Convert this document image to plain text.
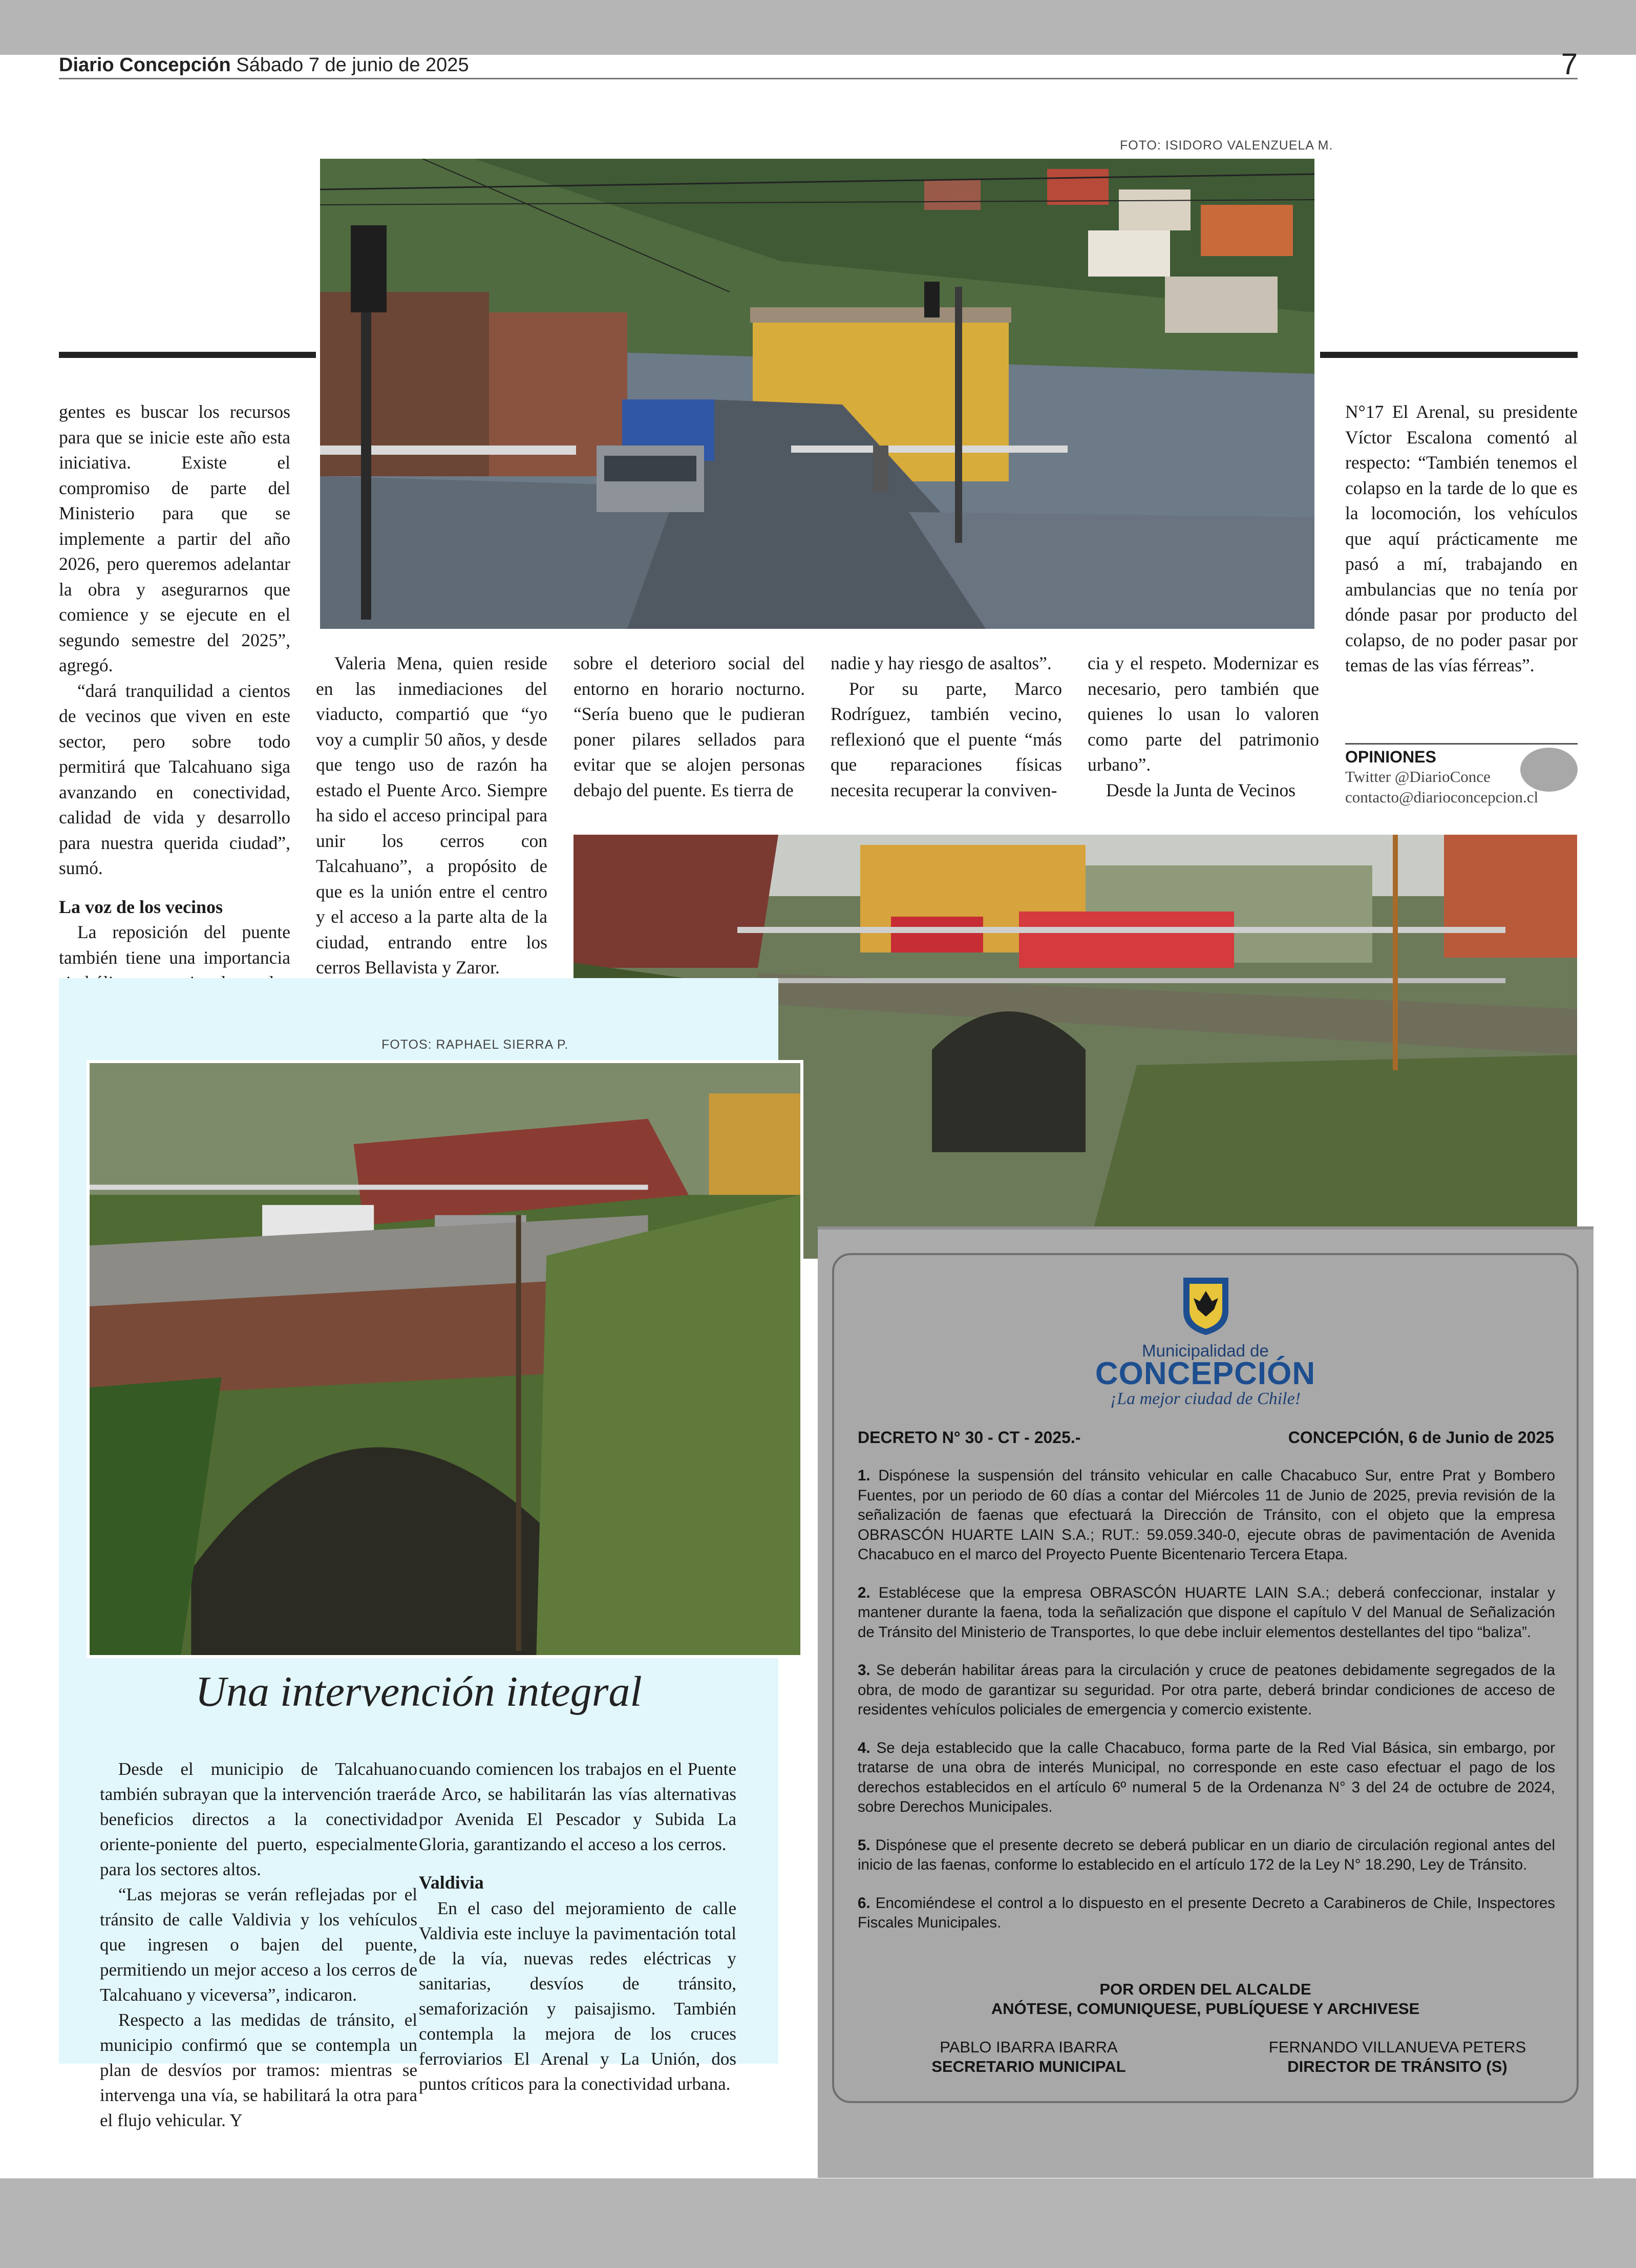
Diario Concepción Sábado 7 de junio de 2025	7
FOTO: ISIDORO VALENZUELA M.

gentes es buscar los recursos para que se inicie este año esta iniciativa. Existe el compromiso de parte del Ministerio para que se implemente a partir del año 2026, pero queremos adelantar la obra y asegurarnos que comience y se ejecute en el segundo semestre del 2025”, agregó.

“dará tranquilidad a cientos de vecinos que viven en este sector, pero sobre todo permitirá que Talcahuano siga avanzando en conectividad, calidad de vida y desarrollo para nuestra querida ciudad”, sumó.

La voz de los vecinos

La reposición del puente también tiene una importancia

Valeria Mena, quien reside en las inmediaciones del viaducto, compartió que “yo voy a cumplir 50 años, y desde que tengo uso de razón ha estado el Puente Arco. Siempre ha sido el acceso principal para unir los cerros con Talcahuano”, a propósito de que es la unión entre el centro y el acceso a la parte alta de la ciudad, entrando entre los cerros Bellavista y Zaror.

sobre el deterioro social del entorno en horario nocturno. “Sería bueno que le pudieran poner pilares sellados para evitar que se alojen personas debajo del puente. Es tierra de

nadie y hay riesgo de asaltos”.

Por su parte, Marco Rodríguez, también vecino, reflexionó que el puente “más que reparaciones físicas necesita recuperar la conviven-

cia y el respeto. Modernizar es necesario, pero también que quienes lo usan lo valoren como parte del patrimonio urbano”.

Desde la Junta de Vecinos

N°17 El Arenal, su presidente Víctor Escalona comentó al respecto: “También tenemos el colapso en la tarde de lo que es la locomoción, los vehículos que aquí prácticamente me pasó a mí, trabajando en ambulancias que no tenía por dónde pasar por producto del colapso, de no poder pasar por temas de las vías férreas”.

OPINIONES
Twitter @DiarioConce
contacto@diarioconcepcion.cl
FOTOS: RAPHAEL SIERRA P.
Una intervención integral

Desde el municipio de Talcahuano también subrayan que la intervención traerá beneficios directos a la conectividad oriente-poniente del puerto, especialmente para los sectores altos.

“Las mejoras se verán reflejadas por el tránsito de calle Valdivia y los vehículos que ingresen o bajen del puente, permitiendo un mejor acceso a los cerros de Talcahuano y viceversa”, indicaron.

Respecto a las medidas de tránsito, el municipio confirmó que se contempla un plan de desvíos por tramos: mientras se intervenga una vía, se habilitará la otra para el flujo vehicular. Y

cuando comiencen los trabajos en el Puente de Arco, se habilitarán las vías alternativas por Avenida El Pescador y Subida La Gloria, garantizando el acceso a los cerros.

Valdivia

En el caso del mejoramiento de calle Valdivia este incluye la pavimentación total de la vía, nuevas redes eléctricas y sanitarias, desvíos de tránsito, semaforización y paisajismo. También contempla la mejora de los cruces ferroviarios El Arenal y La Unión, dos puntos críticos para la conectividad urbana.

Municipalidad de
CONCEPCIÓN
¡La mejor ciudad de Chile!
DECRETO N° 30 - CT - 2025.-	CONCEPCIÓN, 6 de Junio de 2025
1. Dispónese la suspensión del tránsito vehicular en calle Chacabuco Sur, entre Prat y Bombero Fuentes, por un periodo de 60 días a contar del Miércoles 11 de Junio de 2025, previa revisión de la señalización de faenas que efectuará la Dirección de Tránsito, con el objeto que la empresa OBRASCÓN HUARTE LAIN S.A.; RUT.: 59.059.340-0, ejecute obras de pavimentación de Avenida Chacabuco en el marco del Proyecto Puente Bicentenario Tercera Etapa.
2. Establécese que la empresa OBRASCÓN HUARTE LAIN S.A.; deberá confeccionar, instalar y mantener durante la faena, toda la señalización que dispone el capítulo V del Manual de Señalización de Tránsito del Ministerio de Transportes, lo que debe incluir elementos destellantes del tipo “baliza”.
3. Se deberán habilitar áreas para la circulación y cruce de peatones debidamente segregados de la obra, de modo de garantizar su seguridad. Por otra parte, deberá brindar condiciones de acceso de residentes vehículos policiales de emergencia y comercio existente.
4. Se deja establecido que la calle Chacabuco, forma parte de la Red Vial Básica, sin embargo, por tratarse de una obra de interés Municipal, no corresponde en este caso efectuar el pago de los derechos establecidos en el artículo 6º numeral 5 de la Ordenanza N° 3 del 24 de octubre de 2024, sobre Derechos Municipales.
5. Dispónese que el presente decreto se deberá publicar en un diario de circulación regional antes del inicio de las faenas, conforme lo establecido en el artículo 172 de la Ley N° 18.290, Ley de Tránsito.
6. Encomiéndese el control a lo dispuesto en el presente Decreto a Carabineros de Chile, Inspectores Fiscales Municipales.
POR ORDEN DEL ALCALDE
ANÓTESE, COMUNIQUESE, PUBLÍQUESE Y ARCHIVESE
PABLO IBARRA IBARRA
SECRETARIO MUNICIPAL
FERNANDO VILLANUEVA PETERS
DIRECTOR DE TRÁNSITO (S)
